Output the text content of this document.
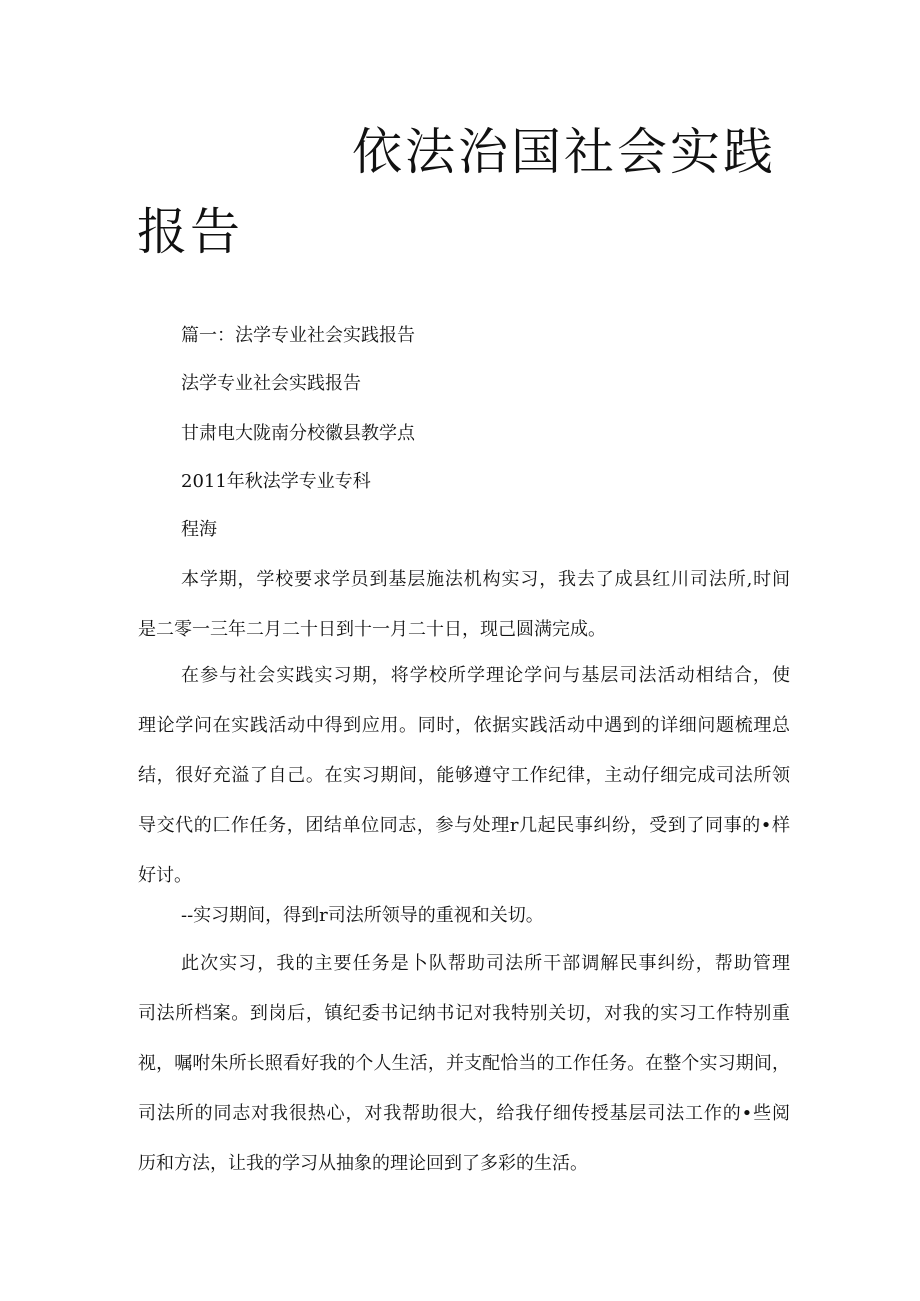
依法治国社会实践
报告
篇一：法学专业社会实践报告
法学专业社会实践报告
甘肃电大陇南分校徽县教学点
2011年秋法学专业专科
程海
本学期，学校要求学员到基层施法机构实习，我去了成县红川司法所,时间
是二零一三年二月二十日到十一月二十日，现己圆满完成。
在参与社会实践实习期，将学校所学理论学问与基层司法活动相结合，使
理论学问在实践活动中得到应用。同时，依据实践活动中遇到的详细问题梳理总
结，很好充溢了自己。在实习期间，能够遵守工作纪律，主动仔细完成司法所领
导交代的匚作任务，团结单位同志，参与处理r几起民事纠纷，受到了同事的•样
好讨。
--实习期间，得到r司法所领导的重视和关切。
此次实习，我的主要任务是卜队帮助司法所干部调解民事纠纷，帮助管理
司法所档案。到岗后，镇纪委书记纳书记对我特别关切，对我的实习工作特别重
视，嘱咐朱所长照看好我的个人生活，并支配恰当的工作任务。在整个实习期间，
司法所的同志对我很热心，对我帮助很大，给我仔细传授基层司法工作的•些阅
历和方法，让我的学习从抽象的理论回到了多彩的生活。
